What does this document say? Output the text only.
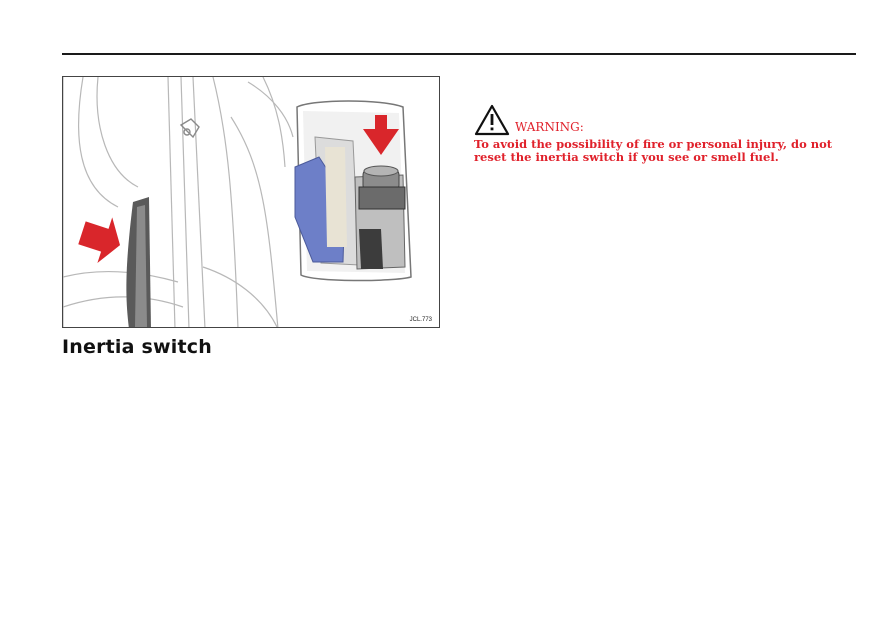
JCL.773
Inertia switch
WARNING:
To avoid the possibility of fire or personal injury, do not reset the inertia switch if you see or smell fuel.
